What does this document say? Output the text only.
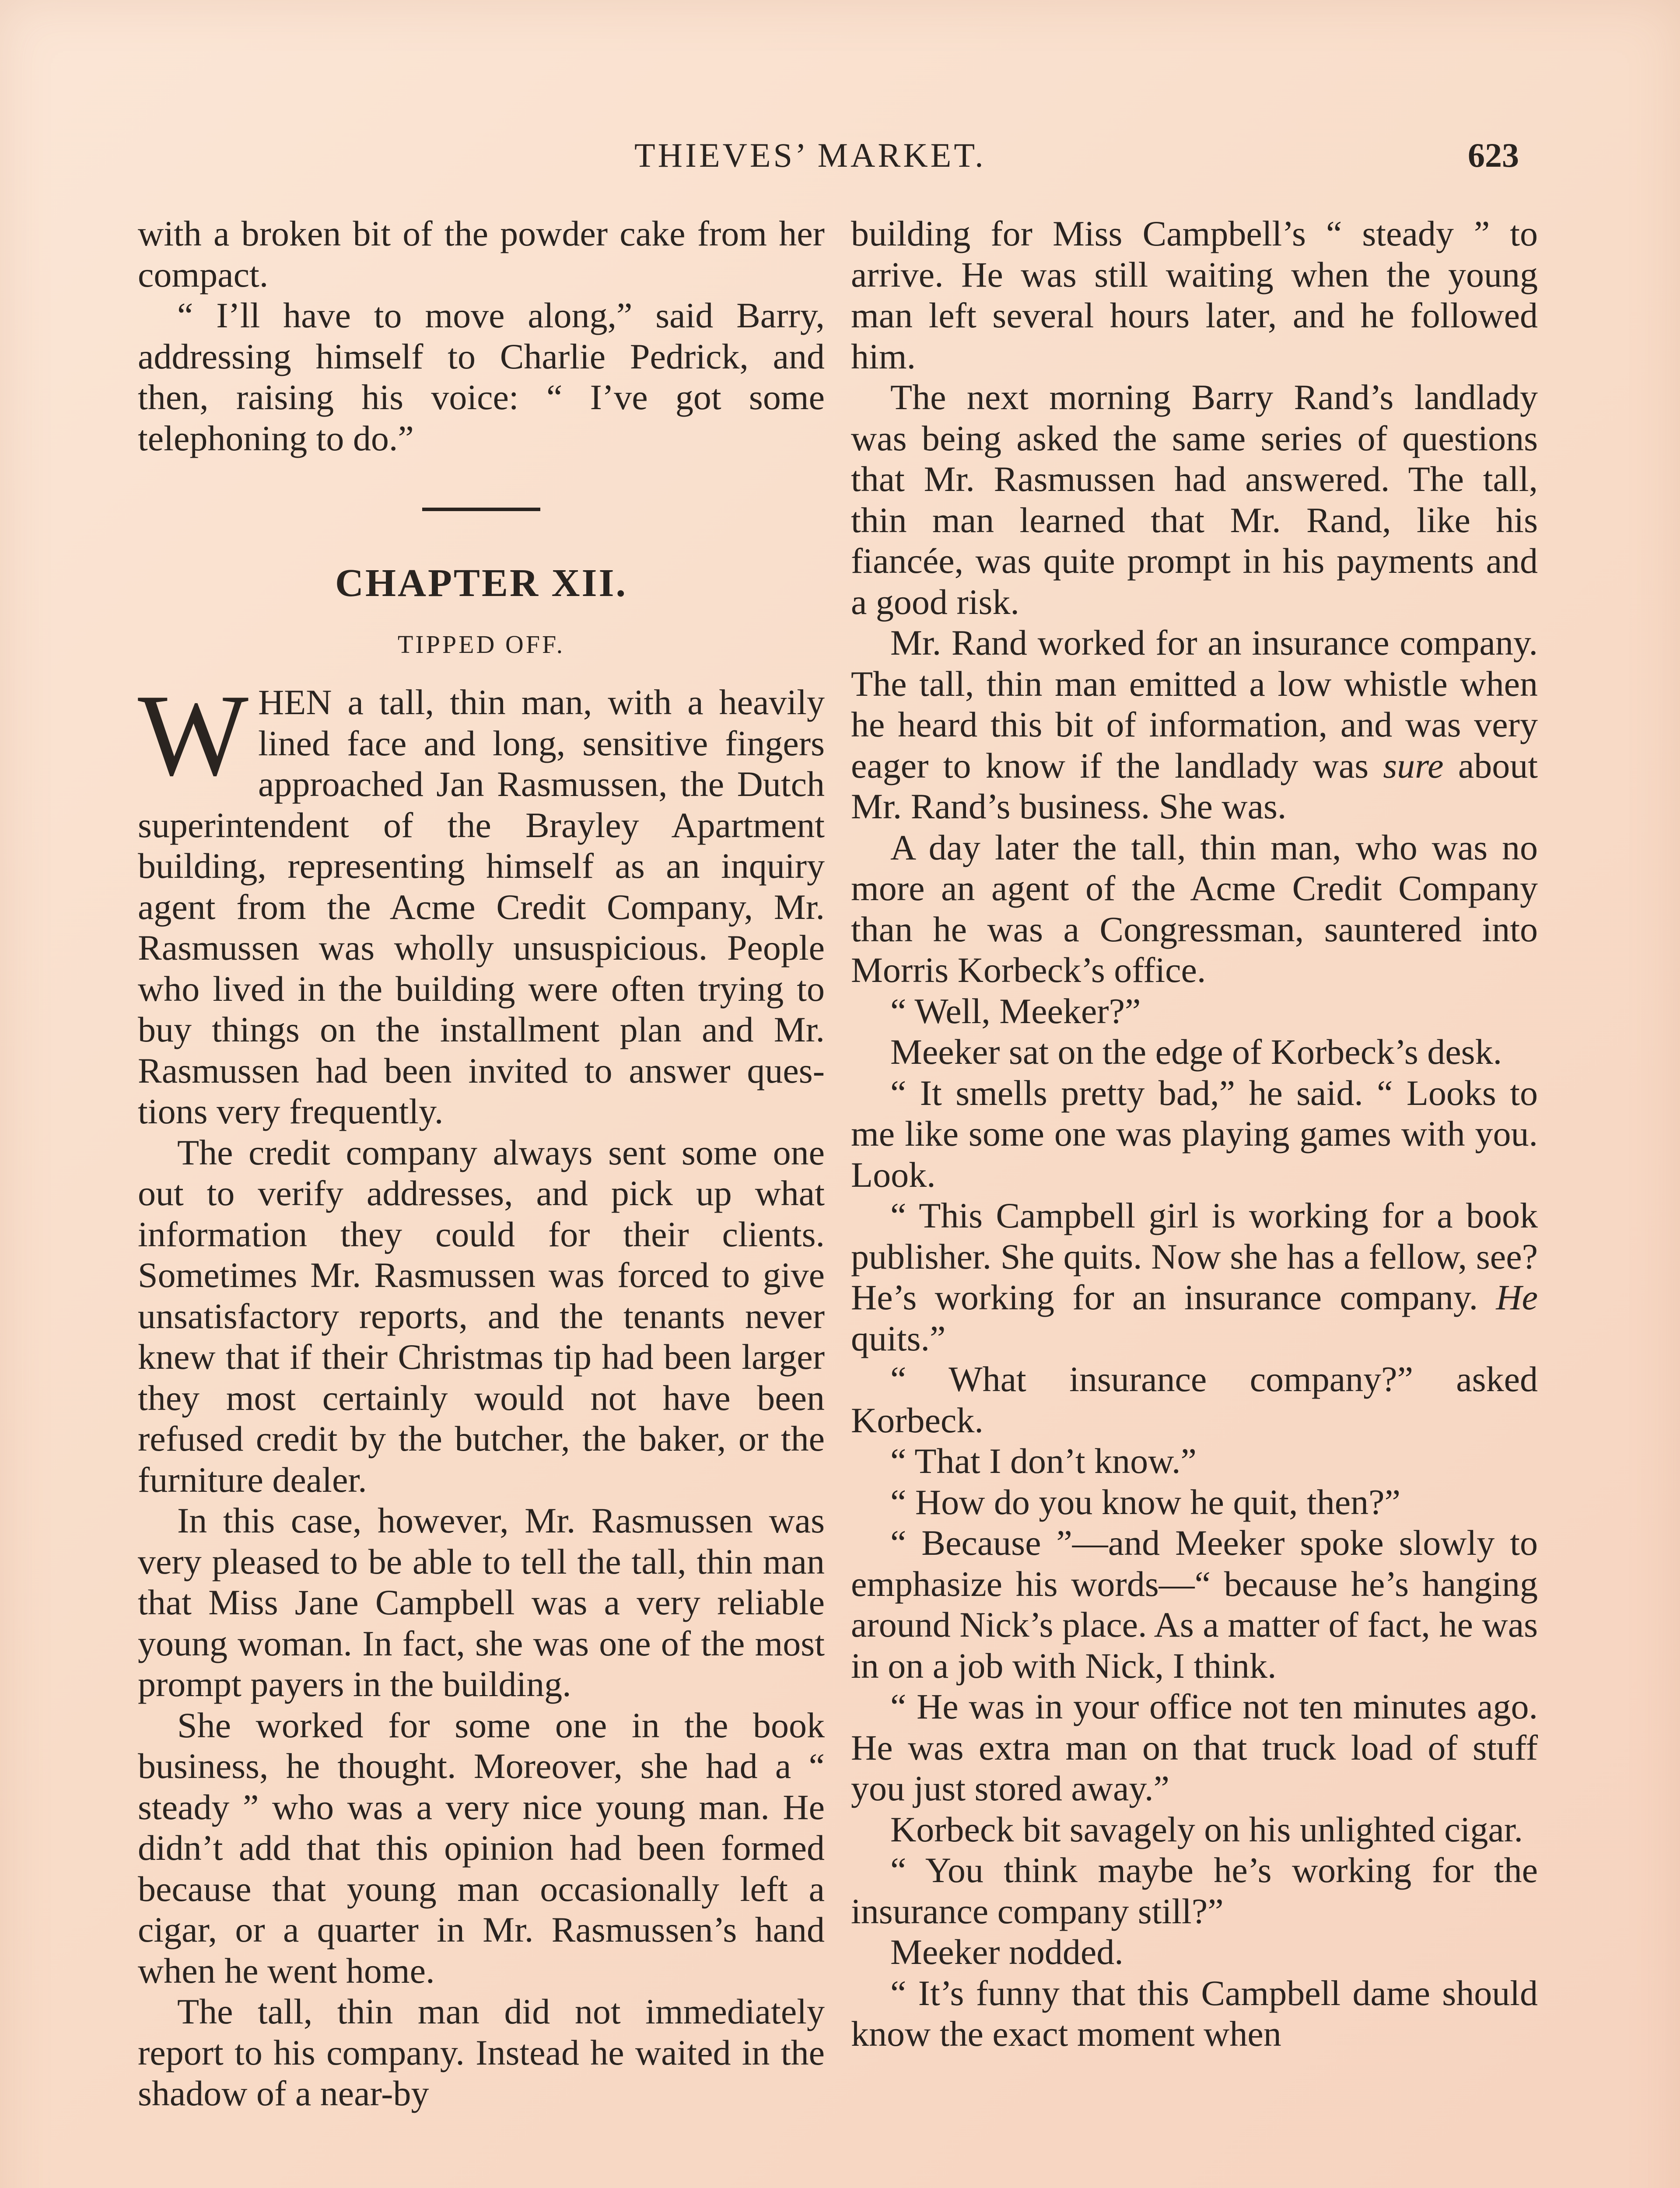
THIEVES’ MARKET.	623

with a broken bit of the powder cake from her compact.

“ I’ll have to move along,” said Barry, addressing himself to Charlie Pedrick, and then, raising his voice: “ I’ve got some telephoning to do.”

CHAPTER XII.
TIPPED OFF.

WHEN a tall, thin man, with a heavily lined face and long, sensitive fingers approached Jan Rasmussen, the Dutch superintendent of the Brayley Apartment building, representing himself as an inquiry agent from the Acme Credit Company, Mr. Rasmussen was wholly unsuspicious. People who lived in the building were often trying to buy things on the installment plan and Mr. Rasmussen had been invited to answer questions very frequently.

The credit company always sent some one out to verify addresses, and pick up what information they could for their clients. Sometimes Mr. Rasmussen was forced to give unsatisfactory reports, and the tenants never knew that if their Christmas tip had been larger they most certainly would not have been refused credit by the butcher, the baker, or the furniture dealer.

In this case, however, Mr. Rasmussen was very pleased to be able to tell the tall, thin man that Miss Jane Campbell was a very reliable young woman. In fact, she was one of the most prompt payers in the building.

She worked for some one in the book business, he thought. Moreover, she had a “ steady ” who was a very nice young man. He didn’t add that this opinion had been formed because that young man occasionally left a cigar, or a quarter in Mr. Rasmussen’s hand when he went home.

The tall, thin man did not immediately report to his company. Instead he waited in the shadow of a near-by

building for Miss Campbell’s “ steady ” to arrive. He was still waiting when the young man left several hours later, and he followed him.

The next morning Barry Rand’s landlady was being asked the same series of questions that Mr. Rasmussen had answered. The tall, thin man learned that Mr. Rand, like his fiancée, was quite prompt in his payments and a good risk.

Mr. Rand worked for an insurance company. The tall, thin man emitted a low whistle when he heard this bit of information, and was very eager to know if the landlady was sure about Mr. Rand’s business. She was.

A day later the tall, thin man, who was no more an agent of the Acme Credit Company than he was a Congressman, sauntered into Morris Korbeck’s office.

“ Well, Meeker?”

Meeker sat on the edge of Korbeck’s desk.

“ It smells pretty bad,” he said. “ Looks to me like some one was playing games with you. Look.

“ This Campbell girl is working for a book publisher. She quits. Now she has a fellow, see? He’s working for an insurance company. He quits.”

“ What insurance company?” asked Korbeck.

“ That I don’t know.”

“ How do you know he quit, then?”

“ Because ”—and Meeker spoke slowly to emphasize his words—“ because he’s hanging around Nick’s place. As a matter of fact, he was in on a job with Nick, I think.

“ He was in your office not ten minutes ago. He was extra man on that truck load of stuff you just stored away.”

Korbeck bit savagely on his unlighted cigar.

“ You think maybe he’s working for the insurance company still?”

Meeker nodded.

“ It’s funny that this Campbell dame should know the exact moment when
